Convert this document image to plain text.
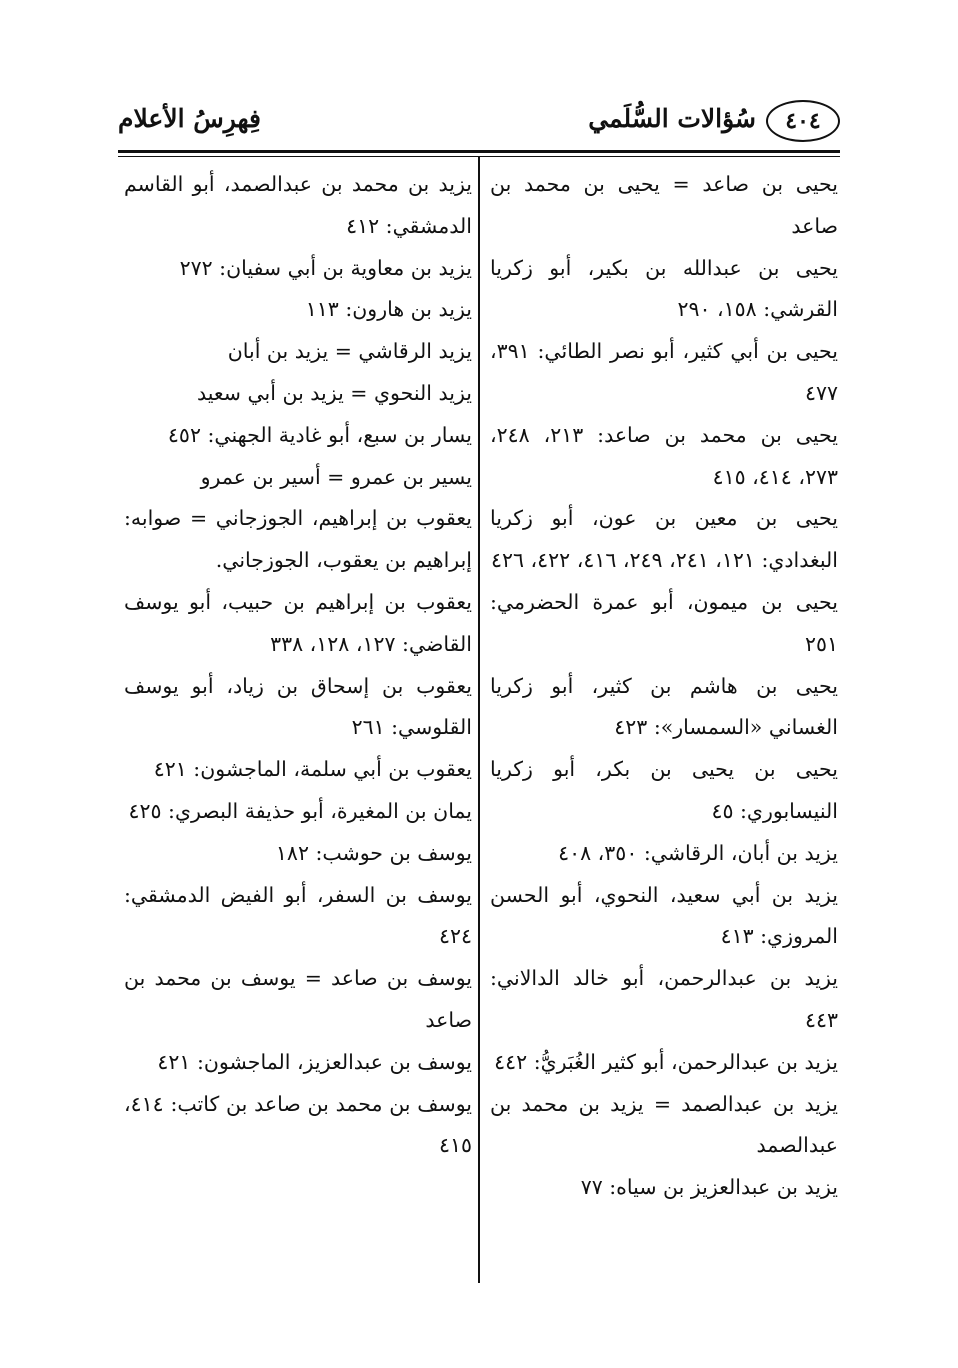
٤٠٤
سُؤالات السُّلَمي
فِهرِسُ الأعلام

يحيى بن صاعد = يحيى بن محمد بن صاعد

يحيى بن عبدالله بن بكير، أبو زكريا القرشي: ١٥٨، ٢٩٠

يحيى بن أبي كثير، أبو نصر الطائي: ٣٩١، ٤٧٧

يحيى بن محمد بن صاعد: ٢١٣، ٢٤٨، ٢٧٣، ٤١٤، ٤١٥

يحيى بن معين بن عون، أبو زكريا البغدادي: ١٢١، ٢٤١، ٢٤٩، ٤١٦، ٤٢٢، ٤٢٦

يحيى بن ميمون، أبو عمرة الحضرمي: ٢٥١

يحيى بن هاشم بن كثير، أبو زكريا الغساني «السمسار»: ٤٢٣

يحيى بن يحيى بن بكر، أبو زكريا النيسابوري: ٤٥

يزيد بن أبان، الرقاشي: ٣٥٠، ٤٠٨

يزيد بن أبي سعيد، النحوي، أبو الحسن المروزي: ٤١٣

يزيد بن عبدالرحمن، أبو خالد الدالاني: ٤٤٣

يزيد بن عبدالرحمن، أبو كثير الغُبَريُّ: ٤٤٢

يزيد بن عبدالصمد = يزيد بن محمد بن عبدالصمد

يزيد بن عبدالعزيز بن سياه: ٧٧

يزيد بن محمد بن عبدالصمد، أبو القاسم الدمشقي: ٤١٢

يزيد بن معاوية بن أبي سفيان: ٢٧٢

يزيد بن هارون: ١١٣

يزيد الرقاشي = يزيد بن أبان

يزيد النحوي = يزيد بن أبي سعيد

يسار بن سبع، أبو غادية الجهني: ٤٥٢

يسير بن عمرو = أسير بن عمرو

يعقوب بن إبراهيم، الجوزجاني = صوابه: إبراهيم بن يعقوب، الجوزجاني.

يعقوب بن إبراهيم بن حبيب، أبو يوسف القاضي: ١٢٧، ١٢٨، ٣٣٨

يعقوب بن إسحاق بن زياد، أبو يوسف القلوسي: ٢٦١

يعقوب بن أبي سلمة، الماجشون: ٤٢١

يمان بن المغيرة، أبو حذيفة البصري: ٤٢٥

يوسف بن حوشب: ١٨٢

يوسف بن السفر، أبو الفيض الدمشقي: ٤٢٤

يوسف بن صاعد = يوسف بن محمد بن صاعد

يوسف بن عبدالعزيز، الماجشون: ٤٢١

يوسف بن محمد بن صاعد بن كاتب: ٤١٤، ٤١٥
